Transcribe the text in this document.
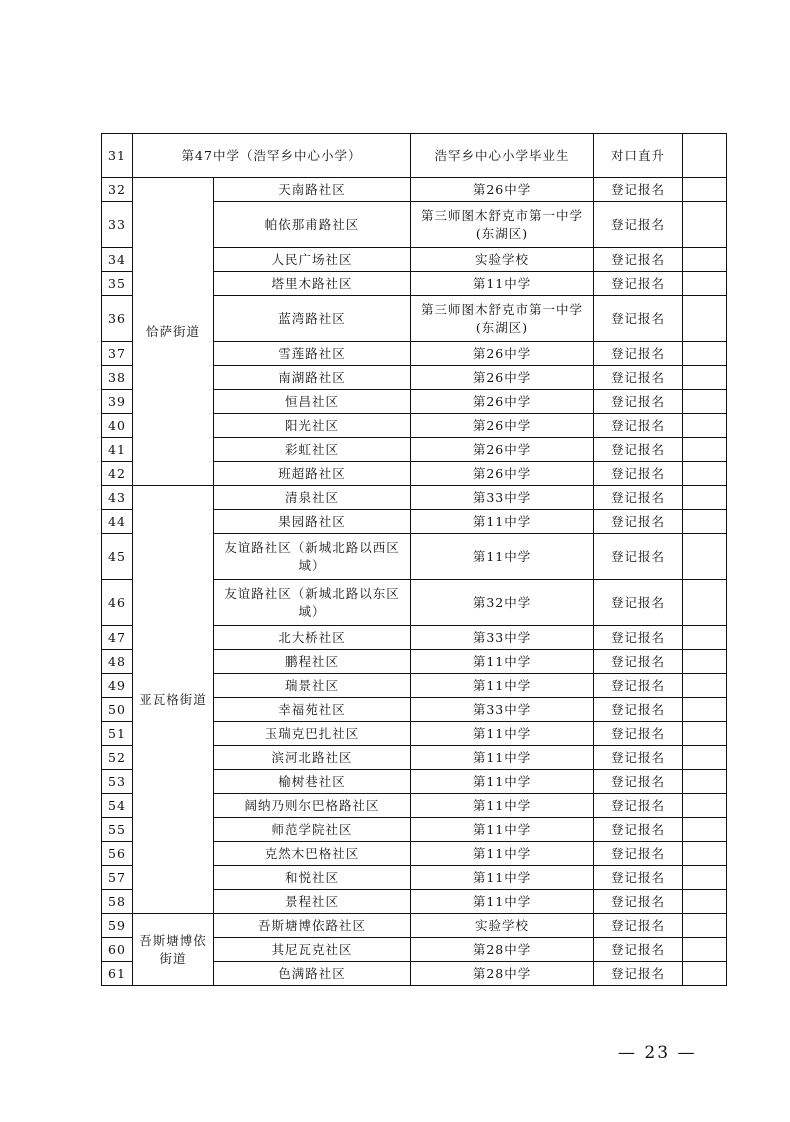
31	第47中学（浩罕乡中心小学）		浩罕乡中心小学毕业生	对口直升	
32	恰萨街道	天南路社区	第26中学	登记报名	
33		帕依那甫路社区	第三师图木舒克市第一中学(东湖区)	登记报名	
34		人民广场社区	实验学校	登记报名	
35		塔里木路社区	第11中学	登记报名	
36		蓝湾路社区	第三师图木舒克市第一中学(东湖区)	登记报名	
37		雪莲路社区	第26中学	登记报名	
38		南湖路社区	第26中学	登记报名	
39		恒昌社区	第26中学	登记报名	
40		阳光社区	第26中学	登记报名	
41		彩虹社区	第26中学	登记报名	
42		班超路社区	第26中学	登记报名	
43	亚瓦格街道	清泉社区	第33中学	登记报名	
44		果园路社区	第11中学	登记报名	
45		友谊路社区（新城北路以西区域）	第11中学	登记报名	
46		友谊路社区（新城北路以东区域）	第32中学	登记报名	
47		北大桥社区	第33中学	登记报名	
48		鹏程社区	第11中学	登记报名	
49		瑞景社区	第11中学	登记报名	
50		幸福苑社区	第33中学	登记报名	
51		玉瑞克巴扎社区	第11中学	登记报名	
52		滨河北路社区	第11中学	登记报名	
53		榆树巷社区	第11中学	登记报名	
54		阔纳乃则尔巴格路社区	第11中学	登记报名	
55		师范学院社区	第11中学	登记报名	
56		克然木巴格社区	第11中学	登记报名	
57		和悦社区	第11中学	登记报名	
58		景程社区	第11中学	登记报名	
59	吾斯塘博依街道	吾斯塘博依路社区	实验学校	登记报名	
60		其尼瓦克社区	第28中学	登记报名	
61		色满路社区	第28中学	登记报名	
— 23 —
